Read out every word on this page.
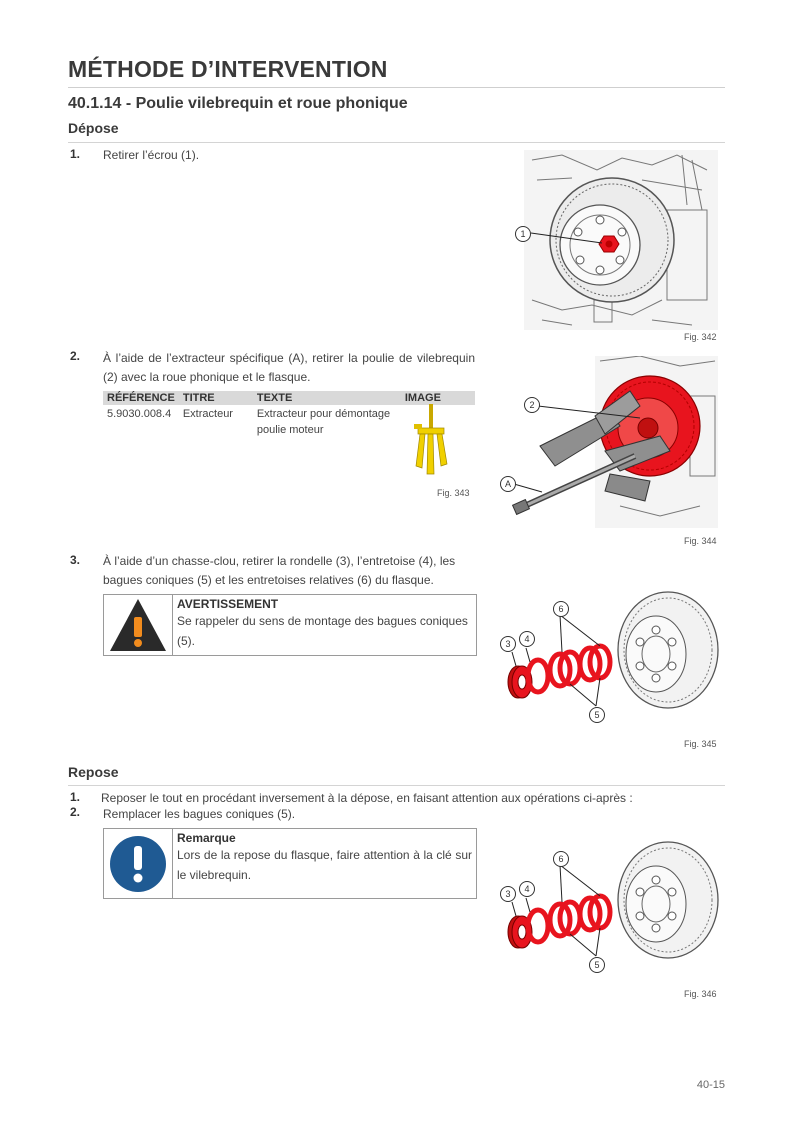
MÉTHODE D’INTERVENTION
40.1.14 - Poulie vilebrequin et roue phonique
Dépose
1. Retirer l’écrou (1).
1
Fig. 342
2. À l’aide de l’extracteur spécifique (A), retirer la poulie de vilebrequin (2) avec la roue phonique et le flasque.
RÉFÉRENCE	TITRE	TEXTE	IMAGE
5.9030.008.4	Extracteur	Extracteur pour démontage poulie moteur	
Fig. 343
2
A
Fig. 344
3. À l’aide d’un chasse-clou, retirer la rondelle (3), l’entretoise (4), les bagues coniques (5) et les entretoises relatives (6) du flasque.
AVERTISSEMENT
Se rappeler du sens de montage des bagues coniques (5).
6
4
3
5
Fig. 345
Repose
1. Reposer le tout en procédant inversement à la dépose, en faisant attention aux opérations ci-après :
2. Remplacer les bagues coniques (5).
Remarque
Lors de la repose du flasque, faire attention à la clé sur le vilebrequin.
6
4
3
5
Fig. 346
40-15
